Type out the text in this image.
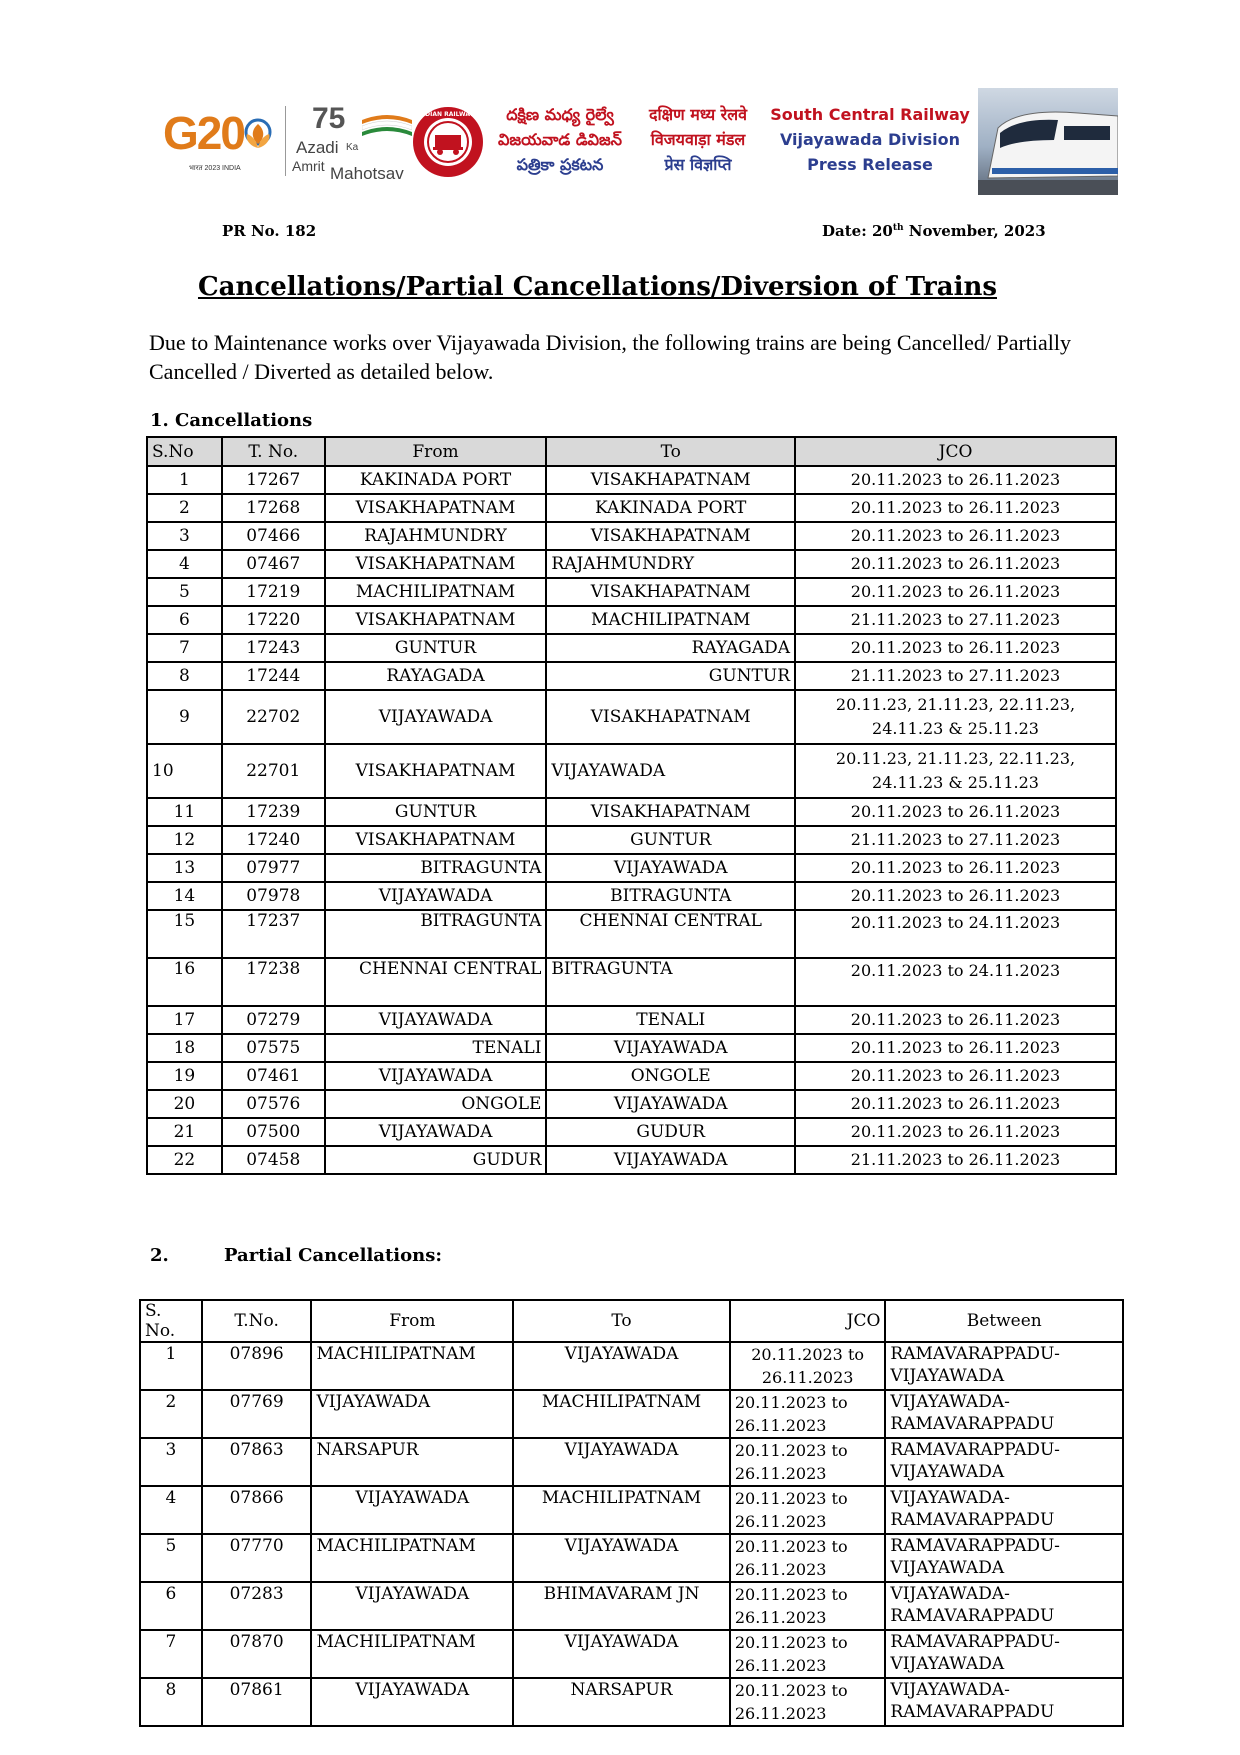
G20
भारत 2023 INDIA
75
Azadi Ka
Amrit Mahotsav
INDIAN RAILWAYS	దక్షిణ మధ్య రైల్వే
విజయవాడ డివిజన్
పత్రికా ప్రకటన
दक्षिण मध्य रेलवे
विजयवाड़ा मंडल
प्रेस विज्ञप्ति
South Central Railway
Vijayawada Division
Press Release
PR No. 182	Date: 20th November, 2023
Cancellations/Partial Cancellations/Diversion of Trains
Due to Maintenance works over Vijayawada Division, the following trains are being Cancelled/ Partially Cancelled / Diverted as detailed below.
1. Cancellations
S.No	T. No.	From	To	JCO
1	17267	KAKINADA PORT	VISAKHAPATNAM	20.11.2023 to 26.11.2023
2	17268	VISAKHAPATNAM	KAKINADA PORT	20.11.2023 to 26.11.2023
3	07466	RAJAHMUNDRY	VISAKHAPATNAM	20.11.2023 to 26.11.2023
4	07467	VISAKHAPATNAM	RAJAHMUNDRY	20.11.2023 to 26.11.2023
5	17219	MACHILIPATNAM	VISAKHAPATNAM	20.11.2023 to 26.11.2023
6	17220	VISAKHAPATNAM	MACHILIPATNAM	21.11.2023 to 27.11.2023
7	17243	GUNTUR	RAYAGADA	20.11.2023 to 26.11.2023
8	17244	RAYAGADA	GUNTUR	21.11.2023 to 27.11.2023
9	22702	VIJAYAWADA	VISAKHAPATNAM	20.11.23, 21.11.23, 22.11.23, 24.11.23 & 25.11.23
10	22701	VISAKHAPATNAM	VIJAYAWADA	20.11.23, 21.11.23, 22.11.23, 24.11.23 & 25.11.23
11	17239	GUNTUR	VISAKHAPATNAM	20.11.2023 to 26.11.2023
12	17240	VISAKHAPATNAM	GUNTUR	21.11.2023 to 27.11.2023
13	07977	BITRAGUNTA	VIJAYAWADA	20.11.2023 to 26.11.2023
14	07978	VIJAYAWADA	BITRAGUNTA	20.11.2023 to 26.11.2023
15	17237	BITRAGUNTA	CHENNAI CENTRAL	20.11.2023 to 24.11.2023
16	17238	CHENNAI CENTRAL	BITRAGUNTA	20.11.2023 to 24.11.2023
17	07279	VIJAYAWADA	TENALI	20.11.2023 to 26.11.2023
18	07575	TENALI	VIJAYAWADA	20.11.2023 to 26.11.2023
19	07461	VIJAYAWADA	ONGOLE	20.11.2023 to 26.11.2023
20	07576	ONGOLE	VIJAYAWADA	20.11.2023 to 26.11.2023
21	07500	VIJAYAWADA	GUDUR	20.11.2023 to 26.11.2023
22	07458	GUDUR	VIJAYAWADA	21.11.2023 to 26.11.2023
2.	Partial Cancellations:
S. No.	T.No.	From	To	JCO	Between
1	07896	MACHILIPATNAM	VIJAYAWADA	20.11.2023 to 26.11.2023	RAMAVARAPPADU-VIJAYAWADA
2	07769	VIJAYAWADA	MACHILIPATNAM	20.11.2023 to 26.11.2023	VIJAYAWADA-RAMAVARAPPADU
3	07863	NARSAPUR	VIJAYAWADA	20.11.2023 to 26.11.2023	RAMAVARAPPADU-VIJAYAWADA
4	07866	VIJAYAWADA	MACHILIPATNAM	20.11.2023 to 26.11.2023	VIJAYAWADA-RAMAVARAPPADU
5	07770	MACHILIPATNAM	VIJAYAWADA	20.11.2023 to 26.11.2023	RAMAVARAPPADU-VIJAYAWADA
6	07283	VIJAYAWADA	BHIMAVARAM JN	20.11.2023 to 26.11.2023	VIJAYAWADA-RAMAVARAPPADU
7	07870	MACHILIPATNAM	VIJAYAWADA	20.11.2023 to 26.11.2023	RAMAVARAPPADU-VIJAYAWADA
8	07861	VIJAYAWADA	NARSAPUR	20.11.2023 to 26.11.2023	VIJAYAWADA-RAMAVARAPPADU
